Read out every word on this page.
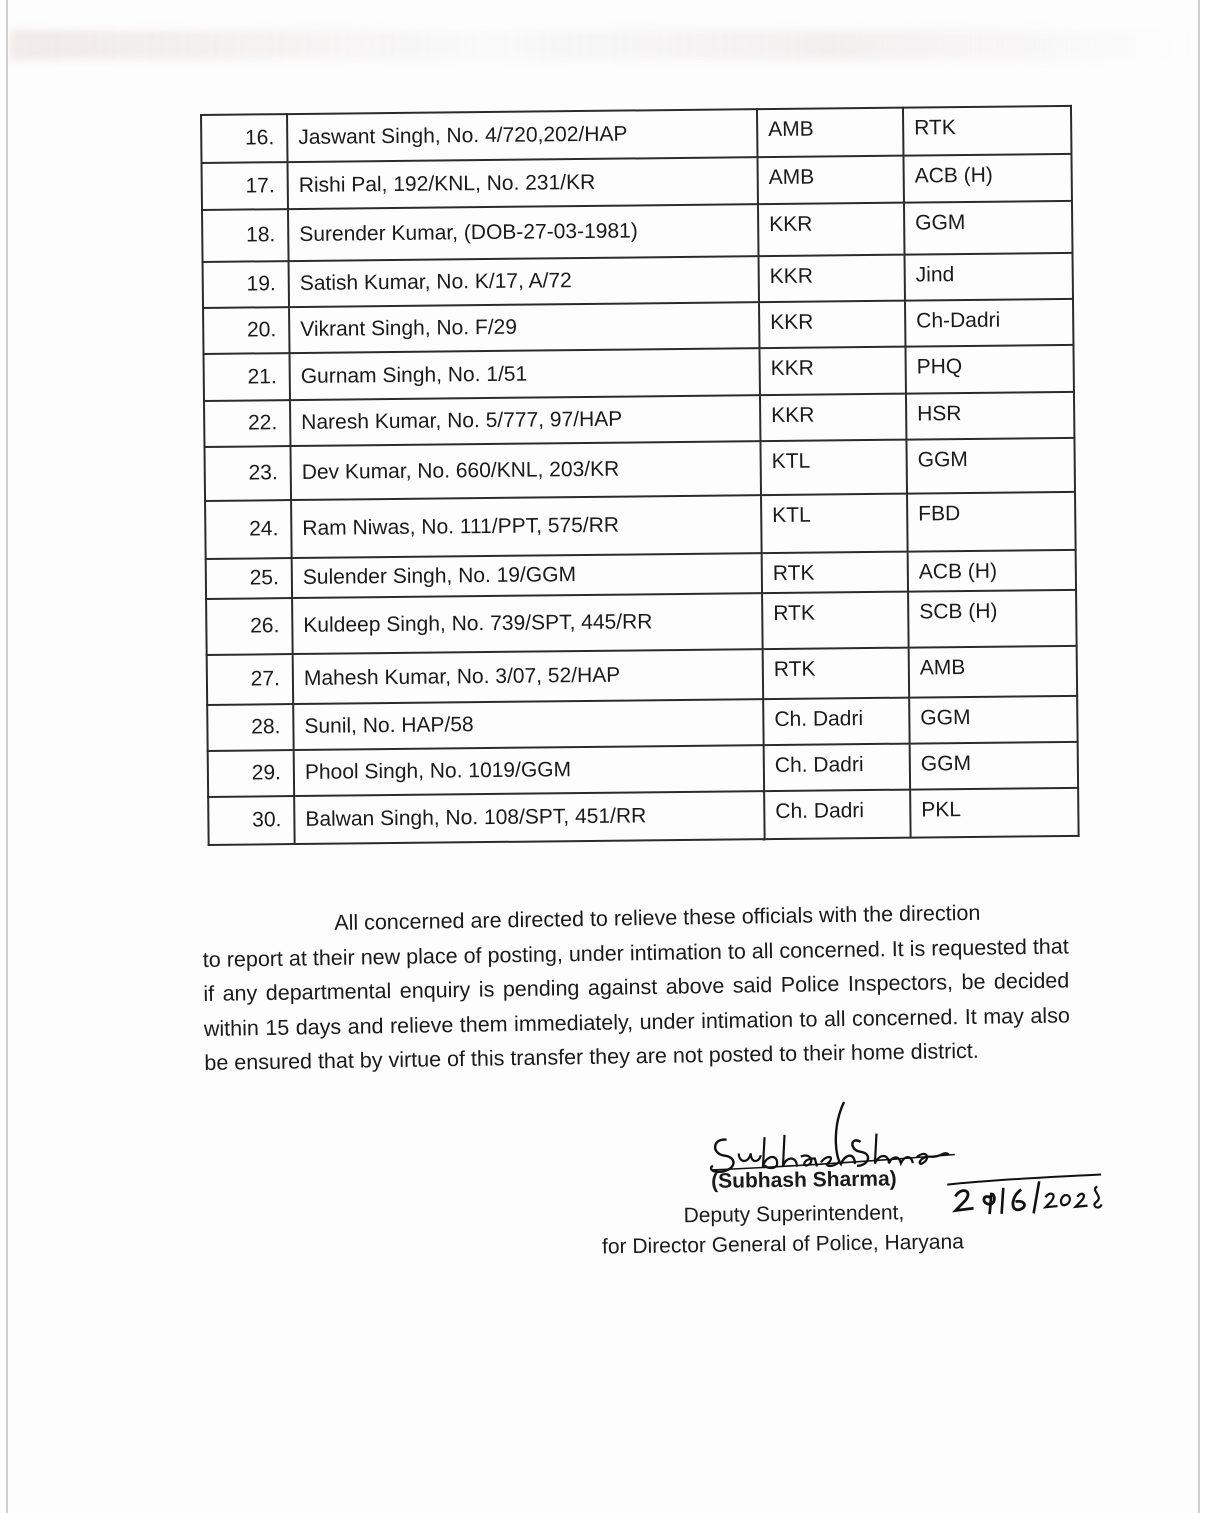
16.	Jaswant Singh, No. 4/720,202/HAP	AMB	RTK
17.	Rishi Pal, 192/KNL, No. 231/KR	AMB	ACB (H)
18.	Surender Kumar, (DOB-27-03-1981)	KKR	GGM
19.	Satish Kumar, No. K/17, A/72	KKR	Jind
20.	Vikrant Singh, No. F/29	KKR	Ch-Dadri
21.	Gurnam Singh, No. 1/51	KKR	PHQ
22.	Naresh Kumar, No. 5/777, 97/HAP	KKR	HSR
23.	Dev Kumar, No. 660/KNL, 203/KR	KTL	GGM
24.	Ram Niwas, No. 111/PPT, 575/RR	KTL	FBD
25.	Sulender Singh, No. 19/GGM	RTK	ACB (H)
26.	Kuldeep Singh, No. 739/SPT, 445/RR	RTK	SCB (H)
27.	Mahesh Kumar, No. 3/07, 52/HAP	RTK	AMB
28.	Sunil, No. HAP/58	Ch. Dadri	GGM
29.	Phool Singh, No. 1019/GGM	Ch. Dadri	GGM
30.	Balwan Singh, No. 108/SPT, 451/RR	Ch. Dadri	PKL
All concerned are directed to relieve these officials with the direction
to report at their new place of posting, under intimation to all concerned. It is requested that if any departmental enquiry is pending against above said Police Inspectors, be decided within 15 days and relieve them immediately, under intimation to all concerned. It may also be ensured that by virtue of this transfer they are not posted to their home district.
(Subhash Sharma)
Deputy Superintendent,
for Director General of Police, Haryana
